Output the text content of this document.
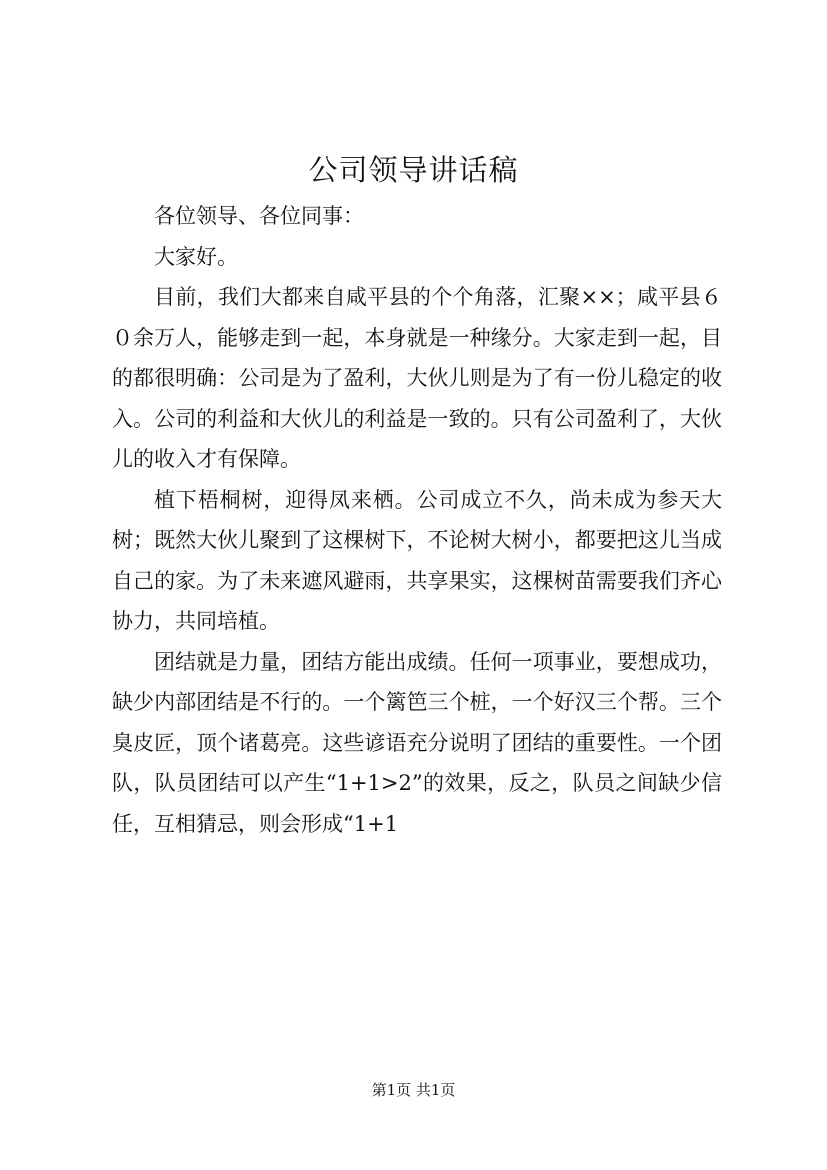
公司领导讲话稿

各位领导、各位同事：

大家好。

目前，我们大都来自咸平县的个个角落，汇聚××；咸平县６０余万人，能够走到一起，本身就是一种缘分。大家走到一起，目的都很明确：公司是为了盈利，大伙儿则是为了有一份儿稳定的收入。公司的利益和大伙儿的利益是一致的。只有公司盈利了，大伙儿的收入才有保障。

植下梧桐树，迎得凤来栖。公司成立不久，尚未成为参天大树；既然大伙儿聚到了这棵树下，不论树大树小，都要把这儿当成自己的家。为了未来遮风避雨，共享果实，这棵树苗需要我们齐心协力，共同培植。

团结就是力量，团结方能出成绩。任何一项事业，要想成功，缺少内部团结是不行的。一个篱笆三个桩，一个好汉三个帮。三个臭皮匠，顶个诸葛亮。这些谚语充分说明了团结的重要性。一个团队，队员团结可以产生“1+1>2”的效果，反之，队员之间缺少信任，互相猜忌，则会形成“1+1

第1页 共1页
